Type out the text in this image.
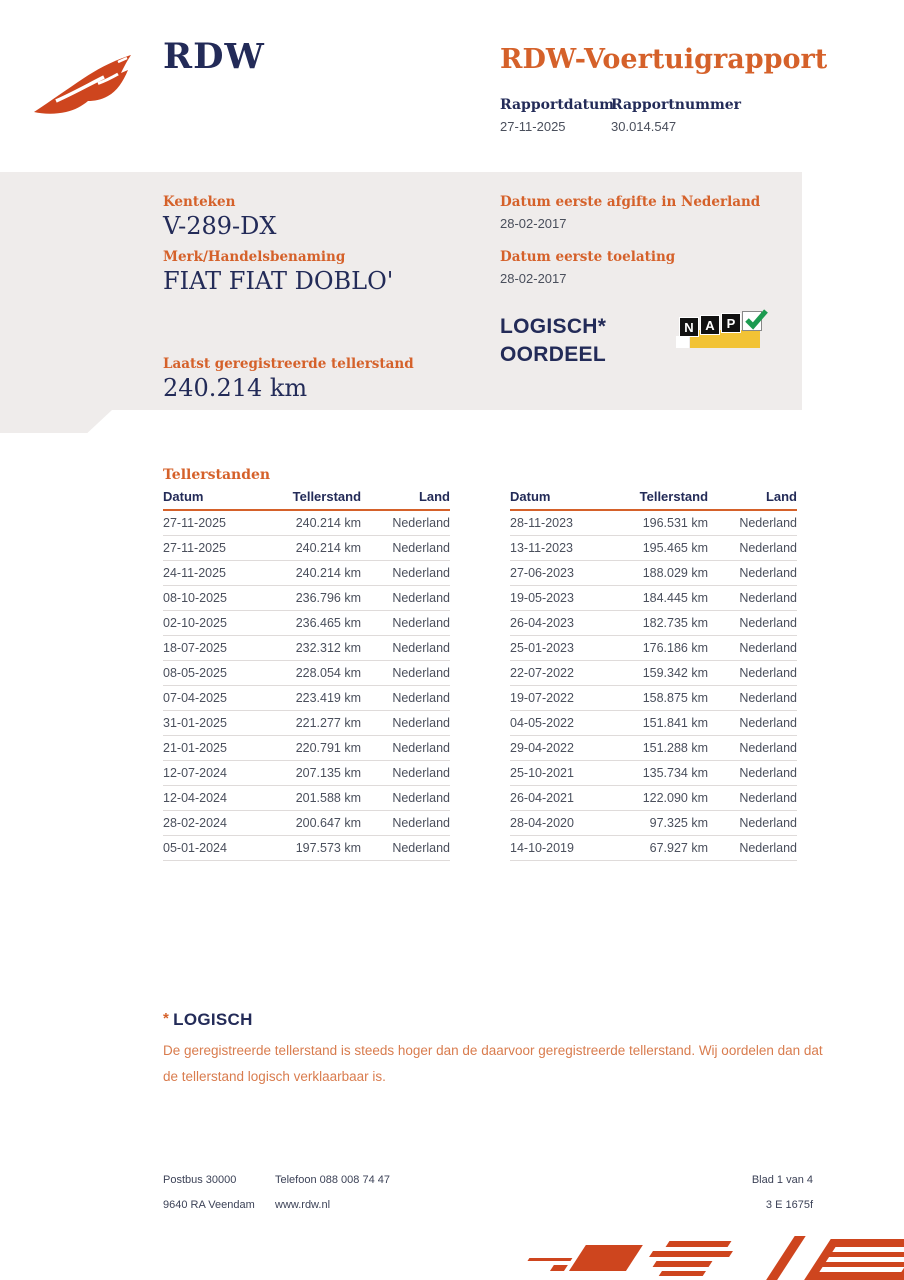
RDW	RDW-Voertuigrapport
Rapportdatum
27-11-2025
Rapportnummer
30.014.547
Kenteken
V-289-DX
Merk/Handelsbenaming
FIAT FIAT DOBLO'
Laatst geregistreerde tellerstand
240.214 km
Datum eerste afgifte in Nederland
28-02-2017
Datum eerste toelating
28-02-2017
LOGISCH*
OORDEEL
N A P
Tellerstanden
Datum	Tellerstand	Land
27-11-2025	240.214 km	Nederland
27-11-2025	240.214 km	Nederland
24-11-2025	240.214 km	Nederland
08-10-2025	236.796 km	Nederland
02-10-2025	236.465 km	Nederland
18-07-2025	232.312 km	Nederland
08-05-2025	228.054 km	Nederland
07-04-2025	223.419 km	Nederland
31-01-2025	221.277 km	Nederland
21-01-2025	220.791 km	Nederland
12-07-2024	207.135 km	Nederland
12-04-2024	201.588 km	Nederland
28-02-2024	200.647 km	Nederland
05-01-2024	197.573 km	Nederland
Datum	Tellerstand	Land
28-11-2023	196.531 km	Nederland
13-11-2023	195.465 km	Nederland
27-06-2023	188.029 km	Nederland
19-05-2023	184.445 km	Nederland
26-04-2023	182.735 km	Nederland
25-01-2023	176.186 km	Nederland
22-07-2022	159.342 km	Nederland
19-07-2022	158.875 km	Nederland
04-05-2022	151.841 km	Nederland
29-04-2022	151.288 km	Nederland
25-10-2021	135.734 km	Nederland
26-04-2021	122.090 km	Nederland
28-04-2020	97.325 km	Nederland
14-10-2019	67.927 km	Nederland
* LOGISCH

De geregistreerde tellerstand is steeds hoger dan de daarvoor geregistreerde tellerstand. Wij oordelen dan dat de tellerstand logisch verklaarbaar is.

Postbus 30000
9640 RA Veendam
Telefoon 088 008 74 47
www.rdw.nl
Blad 1 van 4
3 E 1675f
